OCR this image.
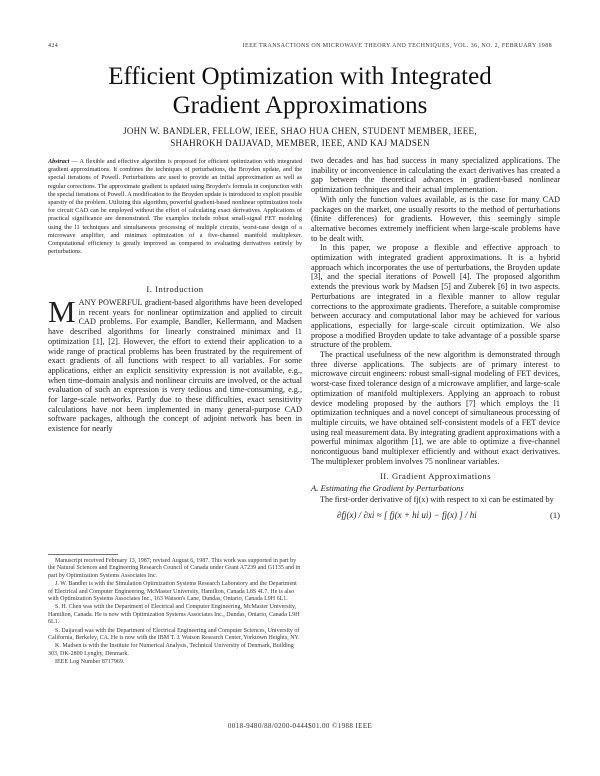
424	IEEE TRANSACTIONS ON MICROWAVE THEORY AND TECHNIQUES, VOL. 36, NO. 2, FEBRUARY 1988
Efficient Optimization with Integrated
Gradient Approximations
JOHN W. BANDLER, FELLOW, IEEE, SHAO HUA CHEN, STUDENT MEMBER, IEEE,
SHAHROKH DAIJAVAD, MEMBER, IEEE, AND KAJ MADSEN
Abstract — A flexible and effective algorithm is proposed for efficient optimization with integrated gradient approximations. It combines the techniques of perturbations, the Broyden update, and the special iterations of Powell. Perturbations are used to provide an initial approximation as well as regular corrections. The approximate gradient is updated using Broyden's formula in conjunction with the special iterations of Powell. A modification to the Broyden update is introduced to exploit possible sparsity of the problem. Utilizing this algorithm, powerful gradient-based nonlinear optimization tools for circuit CAD can be employed without the effort of calculating exact derivatives. Applications of practical significance are demonstrated. The examples include robust small-signal FET modeling using the l1 techniques and simultaneous processing of multiple circuits, worst-case design of a microwave amplifier, and minimax optimization of a five-channel manifold multiplexer. Computational efficiency is greatly improved as compared to evaluating derivatives entirely by perturbations.
I. Introduction
MANY POWERFUL gradient-based algorithms have been developed in recent years for nonlinear optimization and applied to circuit CAD problems. For example, Bandler, Kellermann, and Madsen have described algorithms for linearly constrained minimax and l1 optimization [1], [2]. However, the effort to extend their application to a wide range of practical problems has been frustrated by the requirement of exact gradients of all functions with respect to all variables. For some applications, either an explicit sensitivity expression is not available, e.g., when time-domain analysis and nonlinear circuits are involved, or the actual evaluation of such an expression is very tedious and time-consuming, e.g., for large-scale networks. Partly due to these difficulties, exact sensitivity calculations have not been implemented in many general-purpose CAD software packages, although the concept of adjoint network has been in existence for nearly

Manuscript received February 13, 1987; revised August 6, 1987. This work was supported in part by the Natural Sciences and Engineering Research Council of Canada under Grant A7239 and G1135 and in part by Optimization Systems Associates Inc.

J. W. Bandler is with the Simulation Optimization Systems Research Laboratory and the Department of Electrical and Computer Engineering, McMaster University, Hamilton, Canada L8S 4L7. He is also with Optimization Systems Associates Inc., 163 Watson's Lane, Dundas, Ontario, Canada L9H 6L1.

S. H. Chen was with the Department of Electrical and Computer Engineering, McMaster University, Hamilton, Canada. He is now with Optimization Systems Associates Inc., Dundas, Ontario, Canada L9H 6L1.

S. Daijavad was with the Department of Electrical Engineering and Computer Sciences, University of California, Berkeley, CA. He is now with the IBM T. J. Watson Research Center, Yorktown Heights, NY.

K. Madsen is with the Institute for Numerical Analysis, Technical University of Denmark, Building 303, DK-2800 Lyngby, Denmark.

IEEE Log Number 8717969.

two decades and has had success in many specialized applications. The inability or inconvenience in calculating the exact derivatives has created a gap between the theoretical advances in gradient-based nonlinear optimization techniques and their actual implementation.

With only the function values available, as is the case for many CAD packages on the market, one usually resorts to the method of perturbations (finite differences) for gradients. However, this seemingly simple alternative becomes extremely inefficient when large-scale problems have to be dealt with.

In this paper, we propose a flexible and effective approach to optimization with integrated gradient approximations. It is a hybrid approach which incorporates the use of perturbations, the Broyden update [3], and the special iterations of Powell [4]. The proposed algorithm extends the previous work by Madsen [5] and Zuberek [6] in two aspects. Perturbations are integrated in a flexible manner to allow regular corrections to the approximate gradients. Therefore, a suitable compromise between accuracy and computational labor may be achieved for various applications, especially for large-scale circuit optimization. We also propose a modified Broyden update to take advantage of a possible sparse structure of the problem.

The practical usefulness of the new algorithm is demonstrated through three diverse applications. The subjects are of primary interest to microwave circuit engineers: robust small-signal modeling of FET devices, worst-case fixed tolerance design of a microwave amplifier, and large-scale optimization of manifold multiplexers. Applying an approach to robust device modeling proposed by the authors [7] which employs the l1 optimization techniques and a novel concept of simultaneous processing of multiple circuits, we have obtained self-consistent models of a FET device using real measurement data. By integrating gradient approximations with a powerful minimax algorithm [1], we are able to optimize a five-channel noncontiguous band multiplexer efficiently and without exact derivatives. The multiplexer problem involves 75 nonlinear variables.

II. Gradient Approximations
A. Estimating the Gradient by Perturbations

The first-order derivative of fj(x) with respect to xi can be estimated by

∂fj(x) / ∂xi ≈ [ fj(x + hi ui) − fj(x) ] / hi	(1)
0018-9480/88/0200-0444$01.00 ©1988 IEEE
